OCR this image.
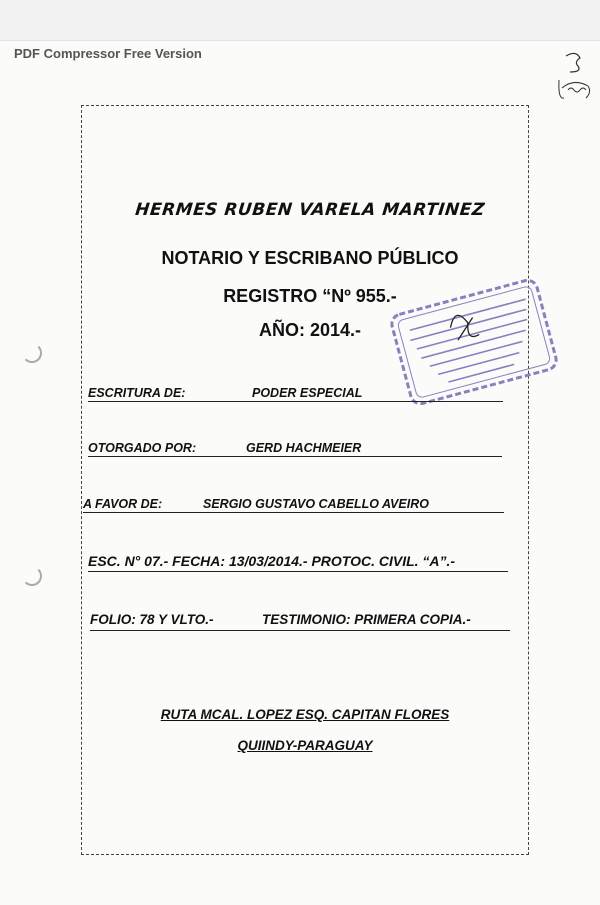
PDF Compressor Free Version
HERMES RUBEN VARELA MARTINEZ
NOTARIO Y ESCRIBANO PÚBLICO
REGISTRO “Nº 955.-
AÑO: 2014.-
ESCRITURA DE:	PODER ESPECIAL
OTORGADO POR:	GERD HACHMEIER
A FAVOR DE:	SERGIO GUSTAVO CABELLO AVEIRO
ESC. N° 07.- FECHA: 13/03/2014.- PROTOC. CIVIL. “A”.-
FOLIO: 78 Y VLTO.-	TESTIMONIO: PRIMERA COPIA.-
RUTA MCAL. LOPEZ ESQ. CAPITAN FLORES
QUIINDY-PARAGUAY
